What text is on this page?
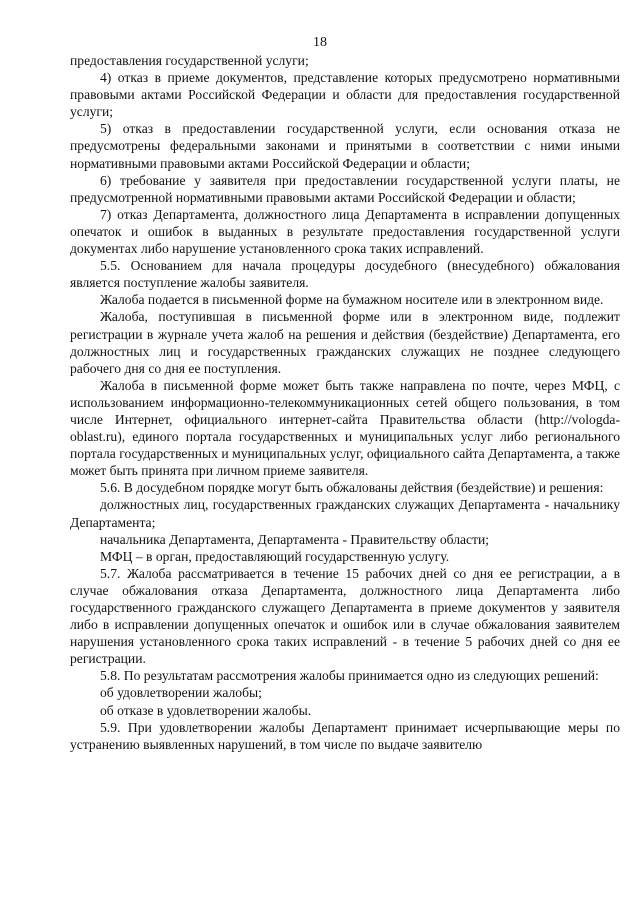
18

предоставления государственной услуги;

4) отказ в приеме документов, представление которых предусмотрено нормативными правовыми актами Российской Федерации и области для предоставления государственной услуги;

5) отказ в предоставлении государственной услуги, если основания отказа не предусмотрены федеральными законами и принятыми в соответствии с ними иными нормативными правовыми актами Российской Федерации и области;

6) требование у заявителя при предоставлении государственной услуги платы, не предусмотренной нормативными правовыми актами Российской Федерации и области;

7) отказ Департамента, должностного лица Департамента в исправлении допущенных опечаток и ошибок в выданных в результате предоставления государственной услуги документах либо нарушение установленного срока таких исправлений.

5.5. Основанием для начала процедуры досудебного (внесудебного) обжалования является поступление жалобы заявителя.

Жалоба подается в письменной форме на бумажном носителе или в электронном виде.

Жалоба, поступившая в письменной форме или в электронном виде, подлежит регистрации в журнале учета жалоб на решения и действия (бездействие) Департамента, его должностных лиц и государственных гражданских служащих не позднее следующего рабочего дня со дня ее поступления.

Жалоба в письменной форме может быть также направлена по почте, через МФЦ, с использованием информационно-телекоммуникационных сетей общего пользования, в том числе Интернет, официального интернет-сайта Правительства области (http://vologda-oblast.ru), единого портала государственных и муниципальных услуг либо регионального портала государственных и муниципальных услуг, официального сайта Департамента, а также может быть принята при личном приеме заявителя.

5.6. В досудебном порядке могут быть обжалованы действия (бездействие) и решения:

должностных лиц, государственных гражданских служащих Департамента - начальнику Департамента;

начальника Департамента, Департамента - Правительству области;

МФЦ – в орган, предоставляющий государственную услугу.

5.7. Жалоба рассматривается в течение 15 рабочих дней со дня ее регистрации, а в случае обжалования отказа Департамента, должностного лица Департамента либо государственного гражданского служащего Департамента в приеме документов у заявителя либо в исправлении допущенных опечаток и ошибок или в случае обжалования заявителем нарушения установленного срока таких исправлений - в течение 5 рабочих дней со дня ее регистрации.

5.8. По результатам рассмотрения жалобы принимается одно из следующих решений:

об удовлетворении жалобы;

об отказе в удовлетворении жалобы.

5.9. При удовлетворении жалобы Департамент принимает исчерпывающие меры по устранению выявленных нарушений, в том числе по выдаче заявителю
